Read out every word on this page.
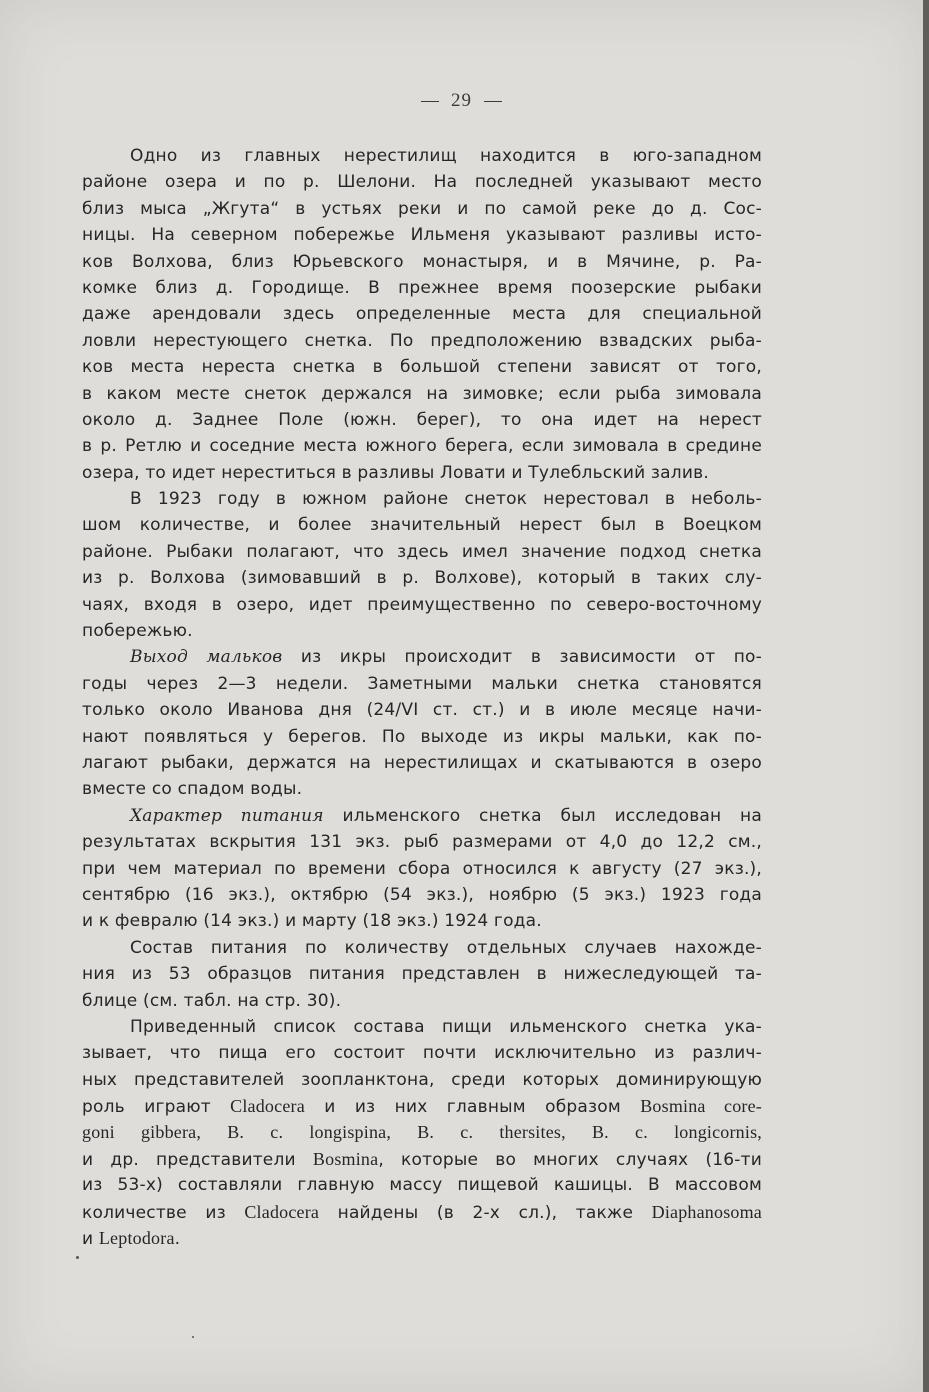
29
Одно из главных нерестилищ находится в юго-западном
районе озера и по р. Шелони. На последней указывают место
близ мыса „Жгута“ в устьях реки и по самой реке до д. Сос-
ницы. На северном побережье Ильменя указывают разливы исто-
ков Волхова, близ Юрьевского монастыря, и в Мячине, р. Ра-
комке близ д. Городище. В прежнее время поозерские рыбаки
даже арендовали здесь определенные места для специальной
ловли нерестующего снетка. По предположению взвадских рыба-
ков места нереста снетка в большой степени зависят от того,
в каком месте снеток держался на зимовке; если рыба зимовала
около д. Заднее Поле (южн. берег), то она идет на нерест
в р. Ретлю и соседние места южного берега, если зимовала в средине
озера, то идет нереститься в разливы Ловати и Тулебльский залив.
В 1923 году в южном районе снеток нерестовал в неболь-
шом количестве, и более значительный нерест был в Воецком
районе. Рыбаки полагают, что здесь имел значение подход снетка
из р. Волхова (зимовавший в р. Волхове), который в таких слу-
чаях, входя в озеро, идет преимущественно по северо-восточному
побережью.
Выход мальков из икры происходит в зависимости от по-
годы через 2—3 недели. Заметными мальки снетка становятся
только около Иванова дня (24/VI ст. ст.) и в июле месяце начи-
нают появляться у берегов. По выходе из икры мальки, как по-
лагают рыбаки, держатся на нерестилищах и скатываются в озеро
вместе со спадом воды.
Характер питания ильменского снетка был исследован на
результатах вскрытия 131 экз. рыб размерами от 4,0 до 12,2 см.,
при чем материал по времени сбора относился к августу (27 экз.),
сентябрю (16 экз.), октябрю (54 экз.), ноябрю (5 экз.) 1923 года
и к февралю (14 экз.) и марту (18 экз.) 1924 года.
Состав питания по количеству отдельных случаев нахожде-
ния из 53 образцов питания представлен в нижеследующей та-
блице (см. табл. на стр. 30).
Приведенный список состава пищи ильменского снетка ука-
зывает, что пища его состоит почти исключительно из различ-
ных представителей зоопланктона, среди которых доминирующую
роль играют Cladocera и из них главным образом Bosmina core-
goni gibbera, B. c. longispina, B. c. thersites, B. c. longicornis,
и др. представители Bosmina, которые во многих случаях (16-ти
из 53-х) составляли главную массу пищевой кашицы. В массовом
количестве из Cladocera найдены (в 2-х сл.), также Diaphanosoma
и Leptodora.
